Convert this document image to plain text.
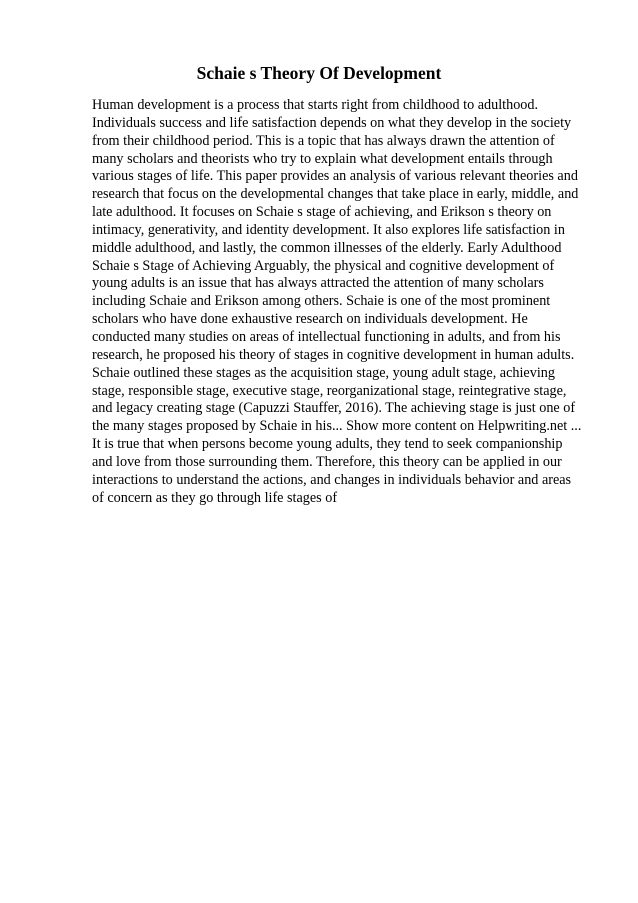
Schaie s Theory Of Development
Human development is a process that starts right from childhood to adulthood.
Individuals success and life satisfaction depends on what they develop in the society
from their childhood period. This is a topic that has always drawn the attention of
many scholars and theorists who try to explain what development entails through
various stages of life. This paper provides an analysis of various relevant theories and
research that focus on the developmental changes that take place in early, middle, and
late adulthood. It focuses on Schaie s stage of achieving, and Erikson s theory on
intimacy, generativity, and identity development. It also explores life satisfaction in
middle adulthood, and lastly, the common illnesses of the elderly. Early Adulthood
Schaie s Stage of Achieving Arguably, the physical and cognitive development of
young adults is an issue that has always attracted the attention of many scholars
including Schaie and Erikson among others. Schaie is one of the most prominent
scholars who have done exhaustive research on individuals development. He
conducted many studies on areas of intellectual functioning in adults, and from his
research, he proposed his theory of stages in cognitive development in human adults.
Schaie outlined these stages as the acquisition stage, young adult stage, achieving
stage, responsible stage, executive stage, reorganizational stage, reintegrative stage,
and legacy creating stage (Capuzzi Stauffer, 2016). The achieving stage is just one of
the many stages proposed by Schaie in his... Show more content on Helpwriting.net ...
It is true that when persons become young adults, they tend to seek companionship
and love from those surrounding them. Therefore, this theory can be applied in our
interactions to understand the actions, and changes in individuals behavior and areas
of concern as they go through life stages of
